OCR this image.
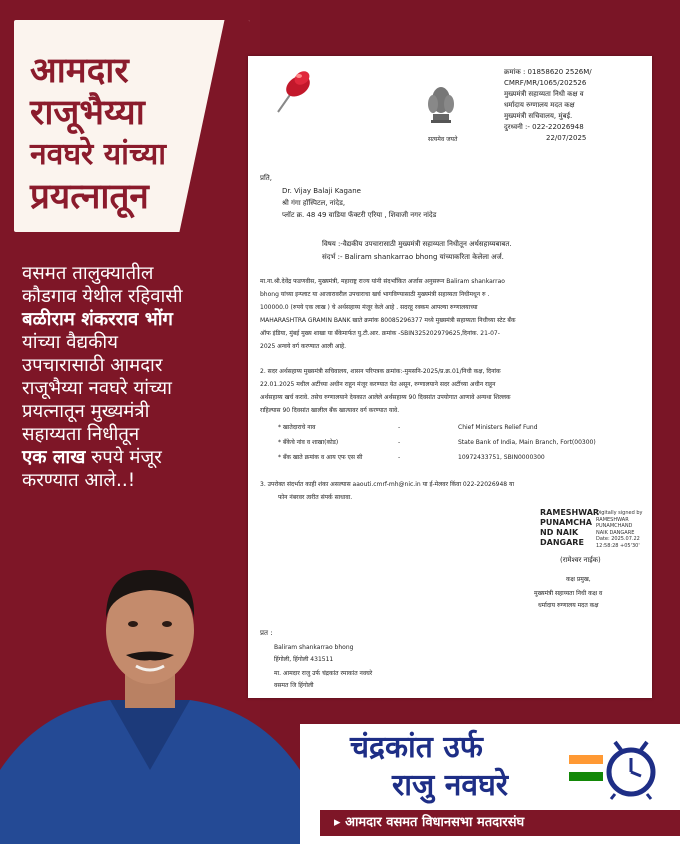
आमदार
राजूभैय्या
नवघरे यांच्या
प्रयत्नातून
वसमत तालुक्यातील
कौडगाव येथील रहिवासी
बळीराम शंकरराव भोंग
यांच्या वैद्यकीय
उपचारासाठी आमदार
राजूभैय्या नवघरे यांच्या
प्रयत्नातून मुख्यमंत्री
सहाय्यता निधीतून
एक लाख रुपये मंजूर
करण्यात आले..!
सत्यमेव जयते
क्रमांक : 01858620 2526M/
CMRF/MR/1065/202526
मुख्यमंत्री सहाय्यता निधी कक्ष व
धर्मादाय रुग्णालय मदत कक्ष
मुख्यमंत्री सचिवालय, मुंबई.
दुरध्वनी :- 022-22026948
22/07/2025
प्रति,
Dr. Vijay Balaji Kagane
श्री गंगा हॉस्पिटल, नांदेड,
प्लॉट क्र. 48 49 वाडिया फॅक्टरी एरिया , शिवाजी नगर नांदेड
विषय :-वैद्यकीय उपचारासाठी मुख्यमंत्री सहाय्यता निधीतून अर्थसहाय्यबाबत.
संदर्भ :- Baliram shankarrao bhong यांच्याकरिता केलेला अर्ज.
मा.ना.श्री.देवेंद्र फडणवीस, मुख्यमंत्री, महाराष्ट्र राज्य यांनी संदर्भांकित अर्जास अनुसरून Baliram shankarrao
bhong यांच्या इन्प्लाट या आजारावरील उपचाराचा खर्च भागविण्यासाठी मुख्यमंत्री सहाय्यता निधीमधून रु .
100000.0 (रुपये एक लाख ) चे अर्थसहाय्य मंजूर केले आहे . सदरहू रक्कम आपल्या रुग्णालयाच्या
MAHARASHTRA GRAMIN BANK खाते क्रमांक 80085296377 मध्ये मुख्यमंत्री सहाय्यता निधीच्या स्टेट बँक
ऑफ इंडिया, मुंबई मुख्य शाखा या बँकेमार्फत यु.टी.आर. क्रमांक -SBIN325202979625,दिनांक. 21-07-
2025 अन्वये वर्ग करण्यात आली आहे.
2. सदर अर्थसहाय्य मुख्यमंत्री सचिवालय, शासन परिपत्रक क्रमांक:-मुमसनि-2025/प्र.क्र.01/निधी कक्ष, दिनांक
22.01.2025 मधील अटींच्या अधीन राहून मंजूर करण्यात येत असून, रुग्णालयाने सदर अटींच्या अधीन राहून
अर्थसहाय्य खर्च करावे. तसेच रुग्णालयाने देयकात आलेले अर्थसहाय्य 90 दिवसांत उपयोगात आणावे अन्यथा शिल्लक
राहिल्यास 90 दिवसांत खालील बँक खात्यावर वर्ग करण्यात यावे.
* खातेदाराचे नाव	-	Chief Ministers Relief Fund
* बँकेचे नांव व शाखा(कोड)	-	State Bank of India, Main Branch, Fort(00300)
* बँक खाते क्रमांक व आय एफ एस सी	-	10972433751, SBIN0000300
3. उपरोक्त संदर्भात काही शंका असल्यास aaouti.cmrf-mh@nic.in या ई-मेलवर किंवा 022-22026948 या
फोन नंबरवर त्वरीत संपर्क साधावा.
RAMESHWAR
PUNAMCHA
ND NAIK
DANGARE
Digitally signed by
RAMESHWAR
PUNAMCHAND
NAIK DANGARE
Date: 2025.07.22
12:58:28 +05'30'
(रामेश्वर नाईक)
कक्ष प्रमुख,
मुख्यमंत्री सहाय्यता निधी कक्ष व
धर्मादाय रुग्णालय मदत कक्ष
प्रत :
Baliram shankarrao bhong
हिंगोली, हिंगोली 431511
मा. आमदार राजु उर्फ चंद्रकांत रमाकांत नवघरे
वसमत जि हिंगोली
चंद्रकांत उर्फ
राजु नवघरे
▸ आमदार वसमत विधानसभा मतदारसंघ
